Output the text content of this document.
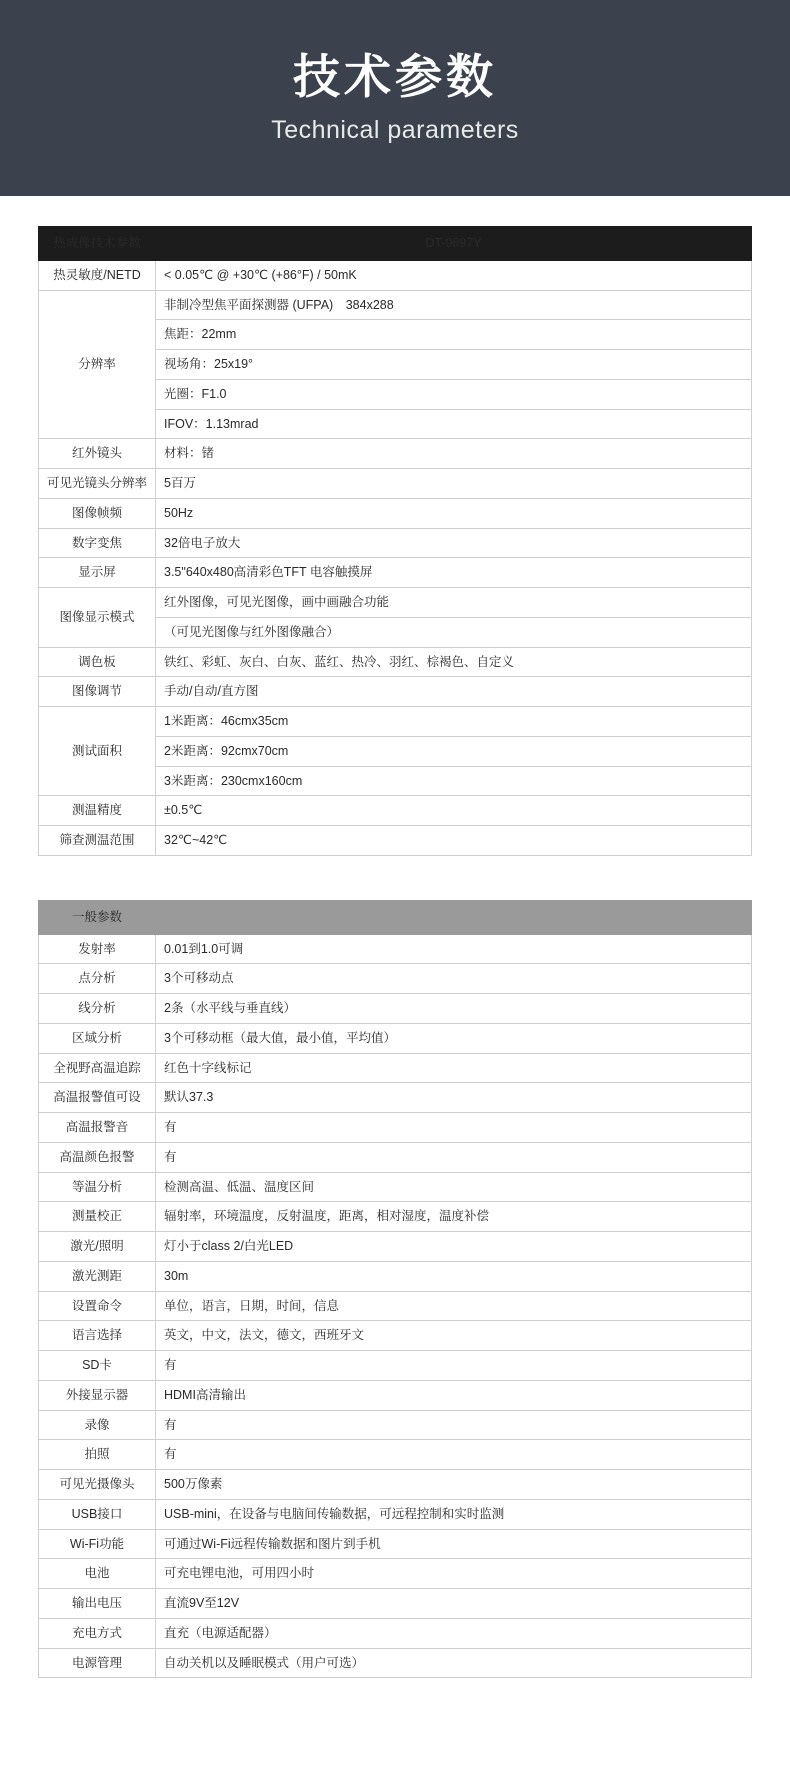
技术参数
Technical parameters
热成像技术参数	DT-9897Y
热灵敏度/NETD	< 0.05℃ @ +30℃ (+86°F) / 50mK
分辨率	非制冷型焦平面探测器 (UFPA) 384x288
	焦距：22mm
	视场角：25x19°
	光圈：F1.0
	IFOV：1.13mrad
红外镜头	材料：锗
可见光镜头分辨率	5百万
图像帧频	50Hz
数字变焦	32倍电子放大
显示屏	3.5"640x480高清彩色TFT 电容触摸屏
图像显示模式	红外图像，可见光图像，画中画融合功能
	（可见光图像与红外图像融合）
调色板	铁红、彩虹、灰白、白灰、蓝红、热冷、羽红、棕褐色、自定义
图像调节	手动/自动/直方图
测试面积	1米距离：46cmx35cm
	2米距离：92cmx70cm
	3米距离：230cmx160cm
测温精度	±0.5℃
筛查测温范围	32℃~42℃
一般参数	
发射率	0.01到1.0可调
点分析	3个可移动点
线分析	2条（水平线与垂直线）
区域分析	3个可移动框（最大值，最小值，平均值）
全视野高温追踪	红色十字线标记
高温报警值可设	默认37.3
高温报警音	有
高温颜色报警	有
等温分析	检测高温、低温、温度区间
测量校正	辐射率，环境温度，反射温度，距离，相对湿度，温度补偿
激光/照明	灯小于class 2/白光LED
激光测距	30m
设置命令	单位，语言，日期，时间，信息
语言选择	英文，中文，法文，德文，西班牙文
SD卡	有
外接显示器	HDMI高清输出
录像	有
拍照	有
可见光摄像头	500万像素
USB接口	USB-mini，在设备与电脑间传输数据，可远程控制和实时监测
Wi-Fi功能	可通过Wi-Fi远程传输数据和图片到手机
电池	可充电锂电池，可用四小时
输出电压	直流9V至12V
充电方式	直充（电源适配器）
电源管理	自动关机以及睡眠模式（用户可选）
